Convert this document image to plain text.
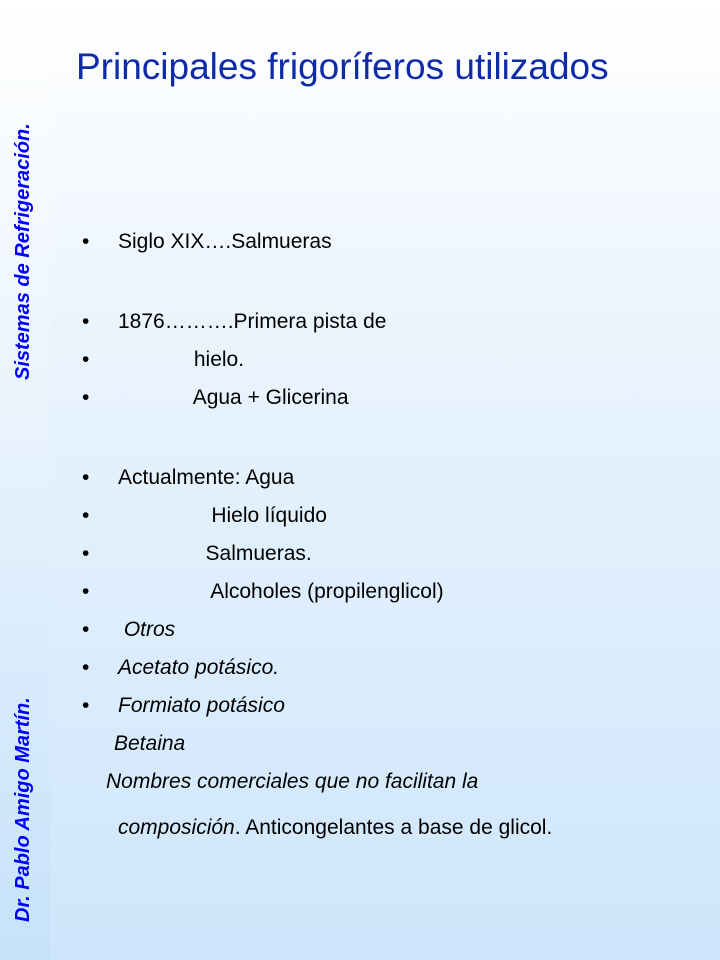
Sistemas de Refrigeración.
Dr. Pablo Amigo Martín.
Principales frigoríferos utilizados

•

Siglo XIX….Salmueras

•

1876……….Primera pista de

•

hielo.

•

Agua + Glicerina

•

Actualmente: Agua

•

Hielo líquido

•

Salmueras.

•

Alcoholes (propilenglicol)

•

Otros

•

Acetato potásico.

•

Formiato potásico

Betaina

Nombres comerciales que no facilitan la

composición. Anticongelantes a base de glicol.
